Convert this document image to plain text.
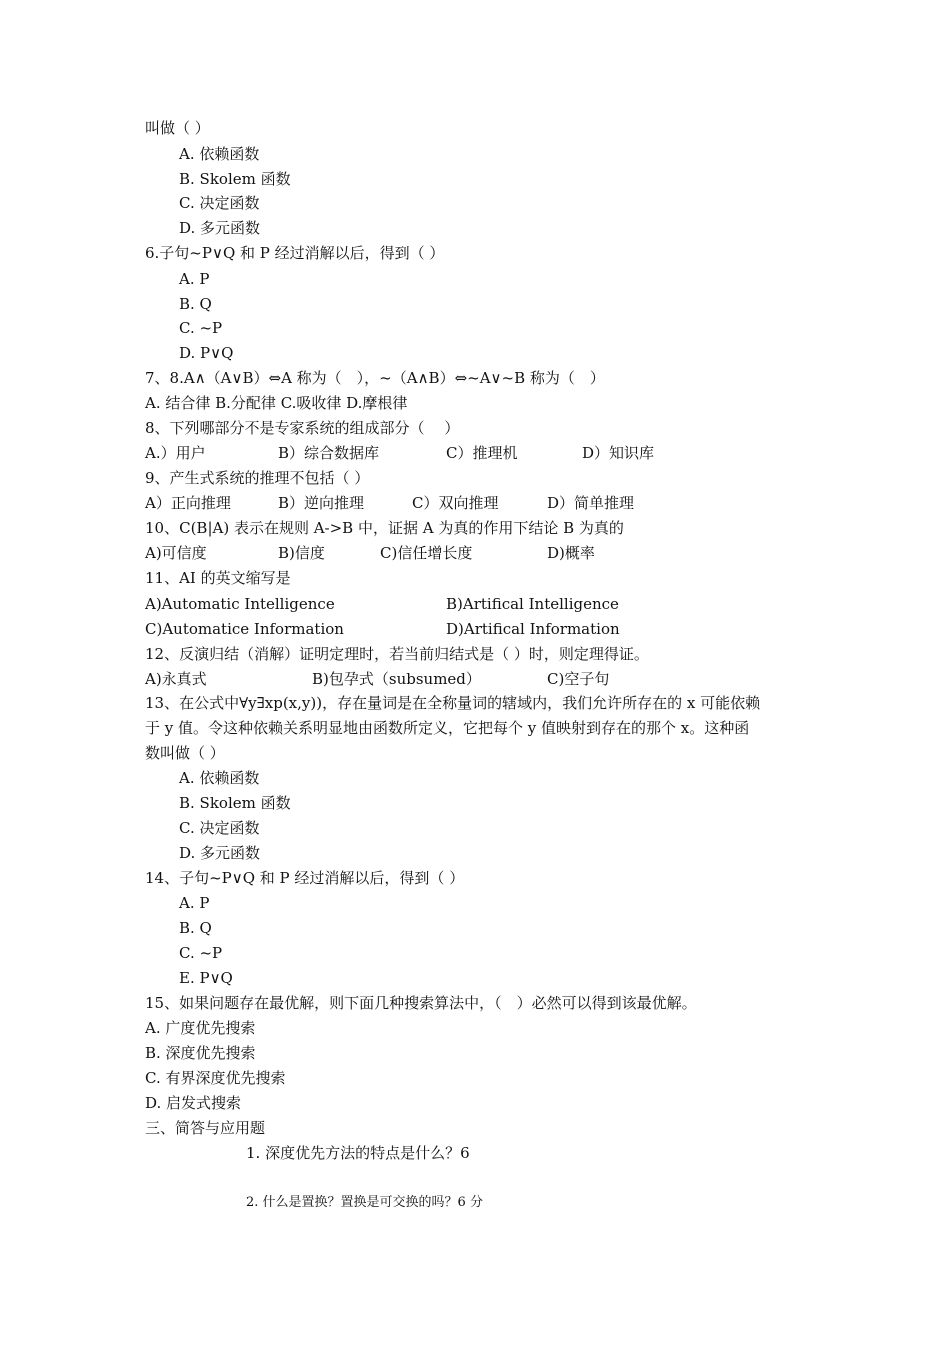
叫做（ ）
A. 依赖函数
B. Skolem 函数
C. 决定函数
D. 多元函数
6.子句~P∨Q 和 P 经过消解以后，得到（ ）
A. P
B. Q
C. ~P
D. P∨Q
7、8.A∧（A∨B）⇔A 称为（　），~（A∧B）⇔~A∨~B 称为（　）
A. 结合律 B.分配律 C.吸收律 D.摩根律
8、下列哪部分不是专家系统的组成部分（　 ）
A.）用户	B）综合数据库	C）推理机	D）知识库
9、产生式系统的推理不包括（ ）
A）正向推理	B）逆向推理	C）双向推理	D）简单推理
10、C(B|A) 表示在规则 A->B 中，证据 A 为真的作用下结论 B 为真的
A)可信度	B)信度	C)信任增长度	D)概率
11、AI 的英文缩写是
A)Automatic Intelligence	B)Artifical Intelligence
C)Automatice Information	D)Artifical Information
12、反演归结（消解）证明定理时，若当前归结式是（ ）时，则定理得证。
A)永真式	B)包孕式（subsumed）	C)空子句
13、在公式中∀y∃xp(x,y))，存在量词是在全称量词的辖域内，我们允许所存在的 x 可能依赖
于 y 值。令这种依赖关系明显地由函数所定义，它把每个 y 值映射到存在的那个 x。这种函
数叫做（ ）
A. 依赖函数
B. Skolem 函数
C. 决定函数
D. 多元函数
14、子句~P∨Q 和 P 经过消解以后，得到（ ）
A. P
B. Q
C. ~P
E. P∨Q
15、如果问题存在最优解，则下面几种搜索算法中，（　）必然可以得到该最优解。
A. 广度优先搜索
B. 深度优先搜索
C. 有界深度优先搜索
D. 启发式搜索
三、简答与应用题
1. 深度优先方法的特点是什么？6
2. 什么是置换？置换是可交换的吗？6 分
